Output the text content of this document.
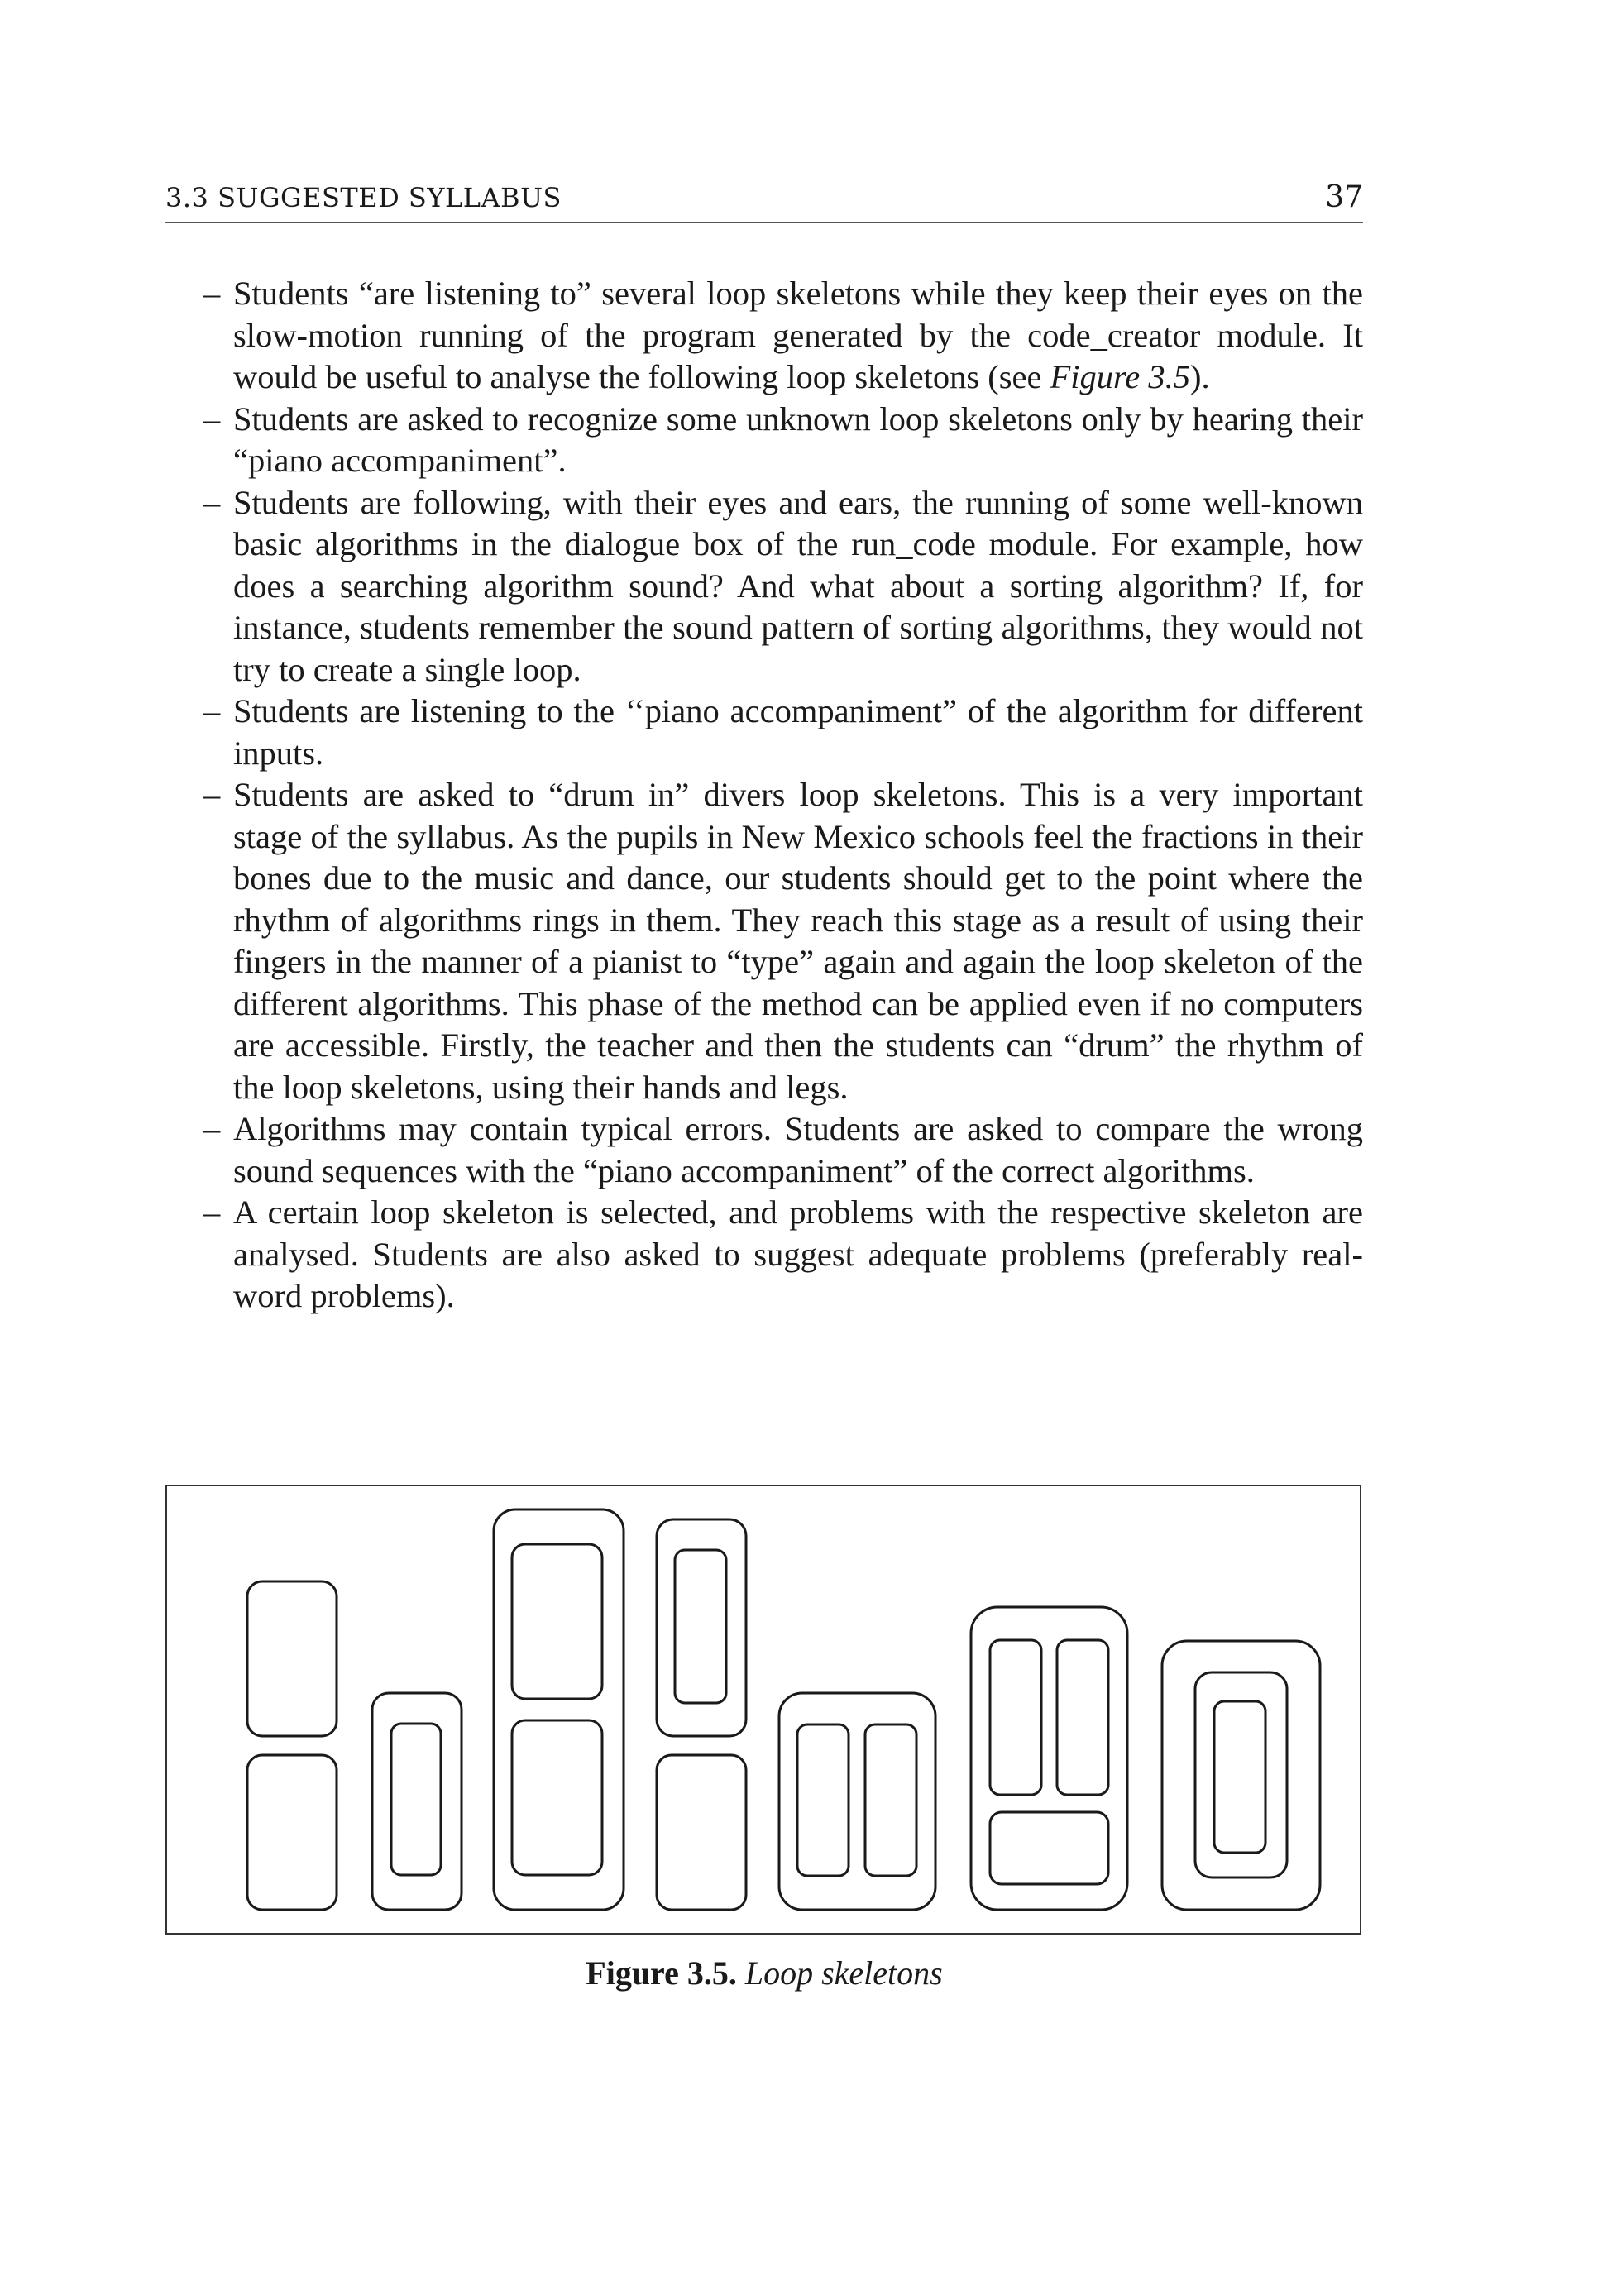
3.3 SUGGESTED SYLLABUS	37
– Students “are listening to” several loop skeletons while they keep their eyes on the slow-motion running of the program generated by the code_creator module. It would be useful to analyse the following loop skeletons (see Figure 3.5).
– Students are asked to recognize some unknown loop skeletons only by hearing their “piano accompaniment”.
– Students are following, with their eyes and ears, the running of some well-known basic algorithms in the dialogue box of the run_code module. For example, how does a searching algorithm sound? And what about a sorting algorithm? If, for instance, students remember the sound pattern of sorting algorithms, they would not try to create a single loop.
– Students are listening to the ‘‘piano accompaniment” of the algorithm for different inputs.
– Students are asked to “drum in” divers loop skeletons. This is a very important stage of the syllabus. As the pupils in New Mexico schools feel the fractions in their bones due to the music and dance, our students should get to the point where the rhythm of algorithms rings in them. They reach this stage as a result of using their fingers in the manner of a pianist to “type” again and again the loop skeleton of the different algorithms. This phase of the method can be applied even if no computers are accessible. Firstly, the teacher and then the students can “drum” the rhythm of the loop skeletons, using their hands and legs.
– Algorithms may contain typical errors. Students are asked to compare the wrong sound sequences with the “piano accompaniment” of the correct algorithms.
– A certain loop skeleton is selected, and problems with the respective skeleton are analysed. Students are also asked to suggest adequate problems (preferably real-word problems).
Figure 3.5. Loop skeletons
